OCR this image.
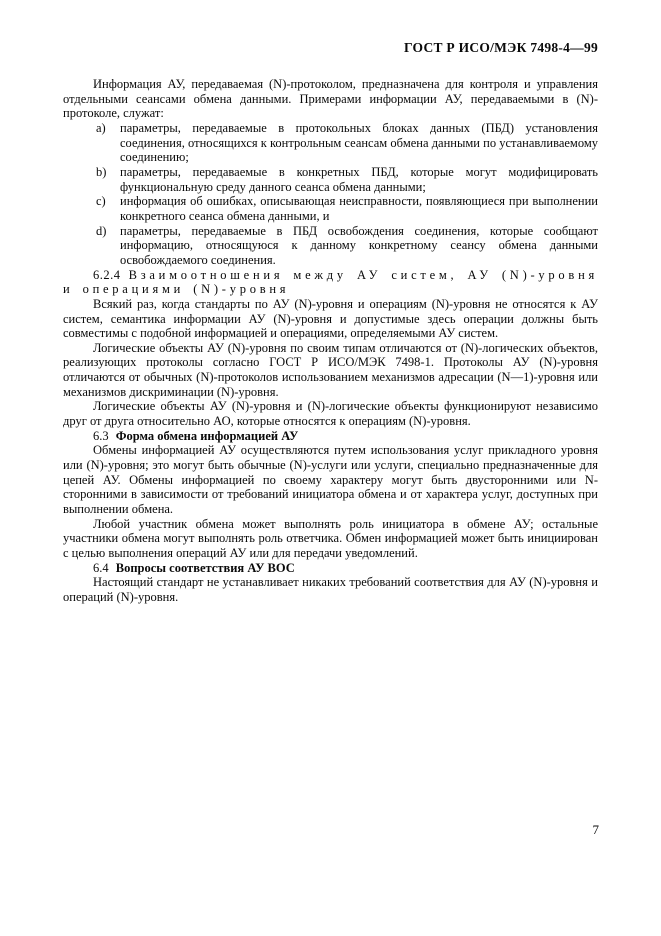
ГОСТ Р ИСО/МЭК 7498-4—99

Информация АУ, передаваемая (N)-протоколом, предназначена для контроля и управления отдельными сеансами обмена данными. Примерами информации АУ, передаваемыми в (N)-протоколе, служат:

a) параметры, передаваемые в протокольных блоках данных (ПБД) установления соединения, относящихся к контрольным сеансам обмена данными по устанавливаемому соединению;
b) параметры, передаваемые в конкретных ПБД, которые могут модифицировать функциональную среду данного сеанса обмена данными;
c) информация об ошибках, описывающая неисправности, появляющиеся при выполнении конкретного сеанса обмена данными, и
d) параметры, передаваемые в ПБД освобождения соединения, которые сообщают информацию, относящуюся к данному конкретному сеансу обмена данными освобождаемого соединения.

6.2.4 Взаимоотношения между АУ систем, АУ (N)-уровня и операциями (N)-уровня

Всякий раз, когда стандарты по АУ (N)-уровня и операциям (N)-уровня не относятся к АУ систем, семантика информации АУ (N)-уровня и допустимые здесь операции должны быть совместимы с подобной информацией и операциями, определяемыми АУ систем.

Логические объекты АУ (N)-уровня по своим типам отличаются от (N)-логических объектов, реализующих протоколы согласно ГОСТ Р ИСО/МЭК 7498-1. Протоколы АУ (N)-уровня отличаются от обычных (N)-протоколов использованием механизмов адресации (N—1)-уровня или механизмов дискриминации (N)-уровня.

Логические объекты АУ (N)-уровня и (N)-логические объекты функционируют независимо друг от друга относительно АО, которые относятся к операциям (N)-уровня.

6.3 Форма обмена информацией АУ

Обмены информацией АУ осуществляются путем использования услуг прикладного уровня или (N)-уровня; это могут быть обычные (N)-услуги или услуги, специально предназначенные для цепей АУ. Обмены информацией по своему характеру могут быть двусторонними или N-сторонними в зависимости от требований инициатора обмена и от характера услуг, доступных при выполнении обмена.

Любой участник обмена может выполнять роль инициатора в обмене АУ; остальные участники обмена могут выполнять роль ответчика. Обмен информацией может быть инициирован с целью выполнения операций АУ или для передачи уведомлений.

6.4 Вопросы соответствия АУ ВОС

Настоящий стандарт не устанавливает никаких требований соответствия для АУ (N)-уровня и операций (N)-уровня.

7
